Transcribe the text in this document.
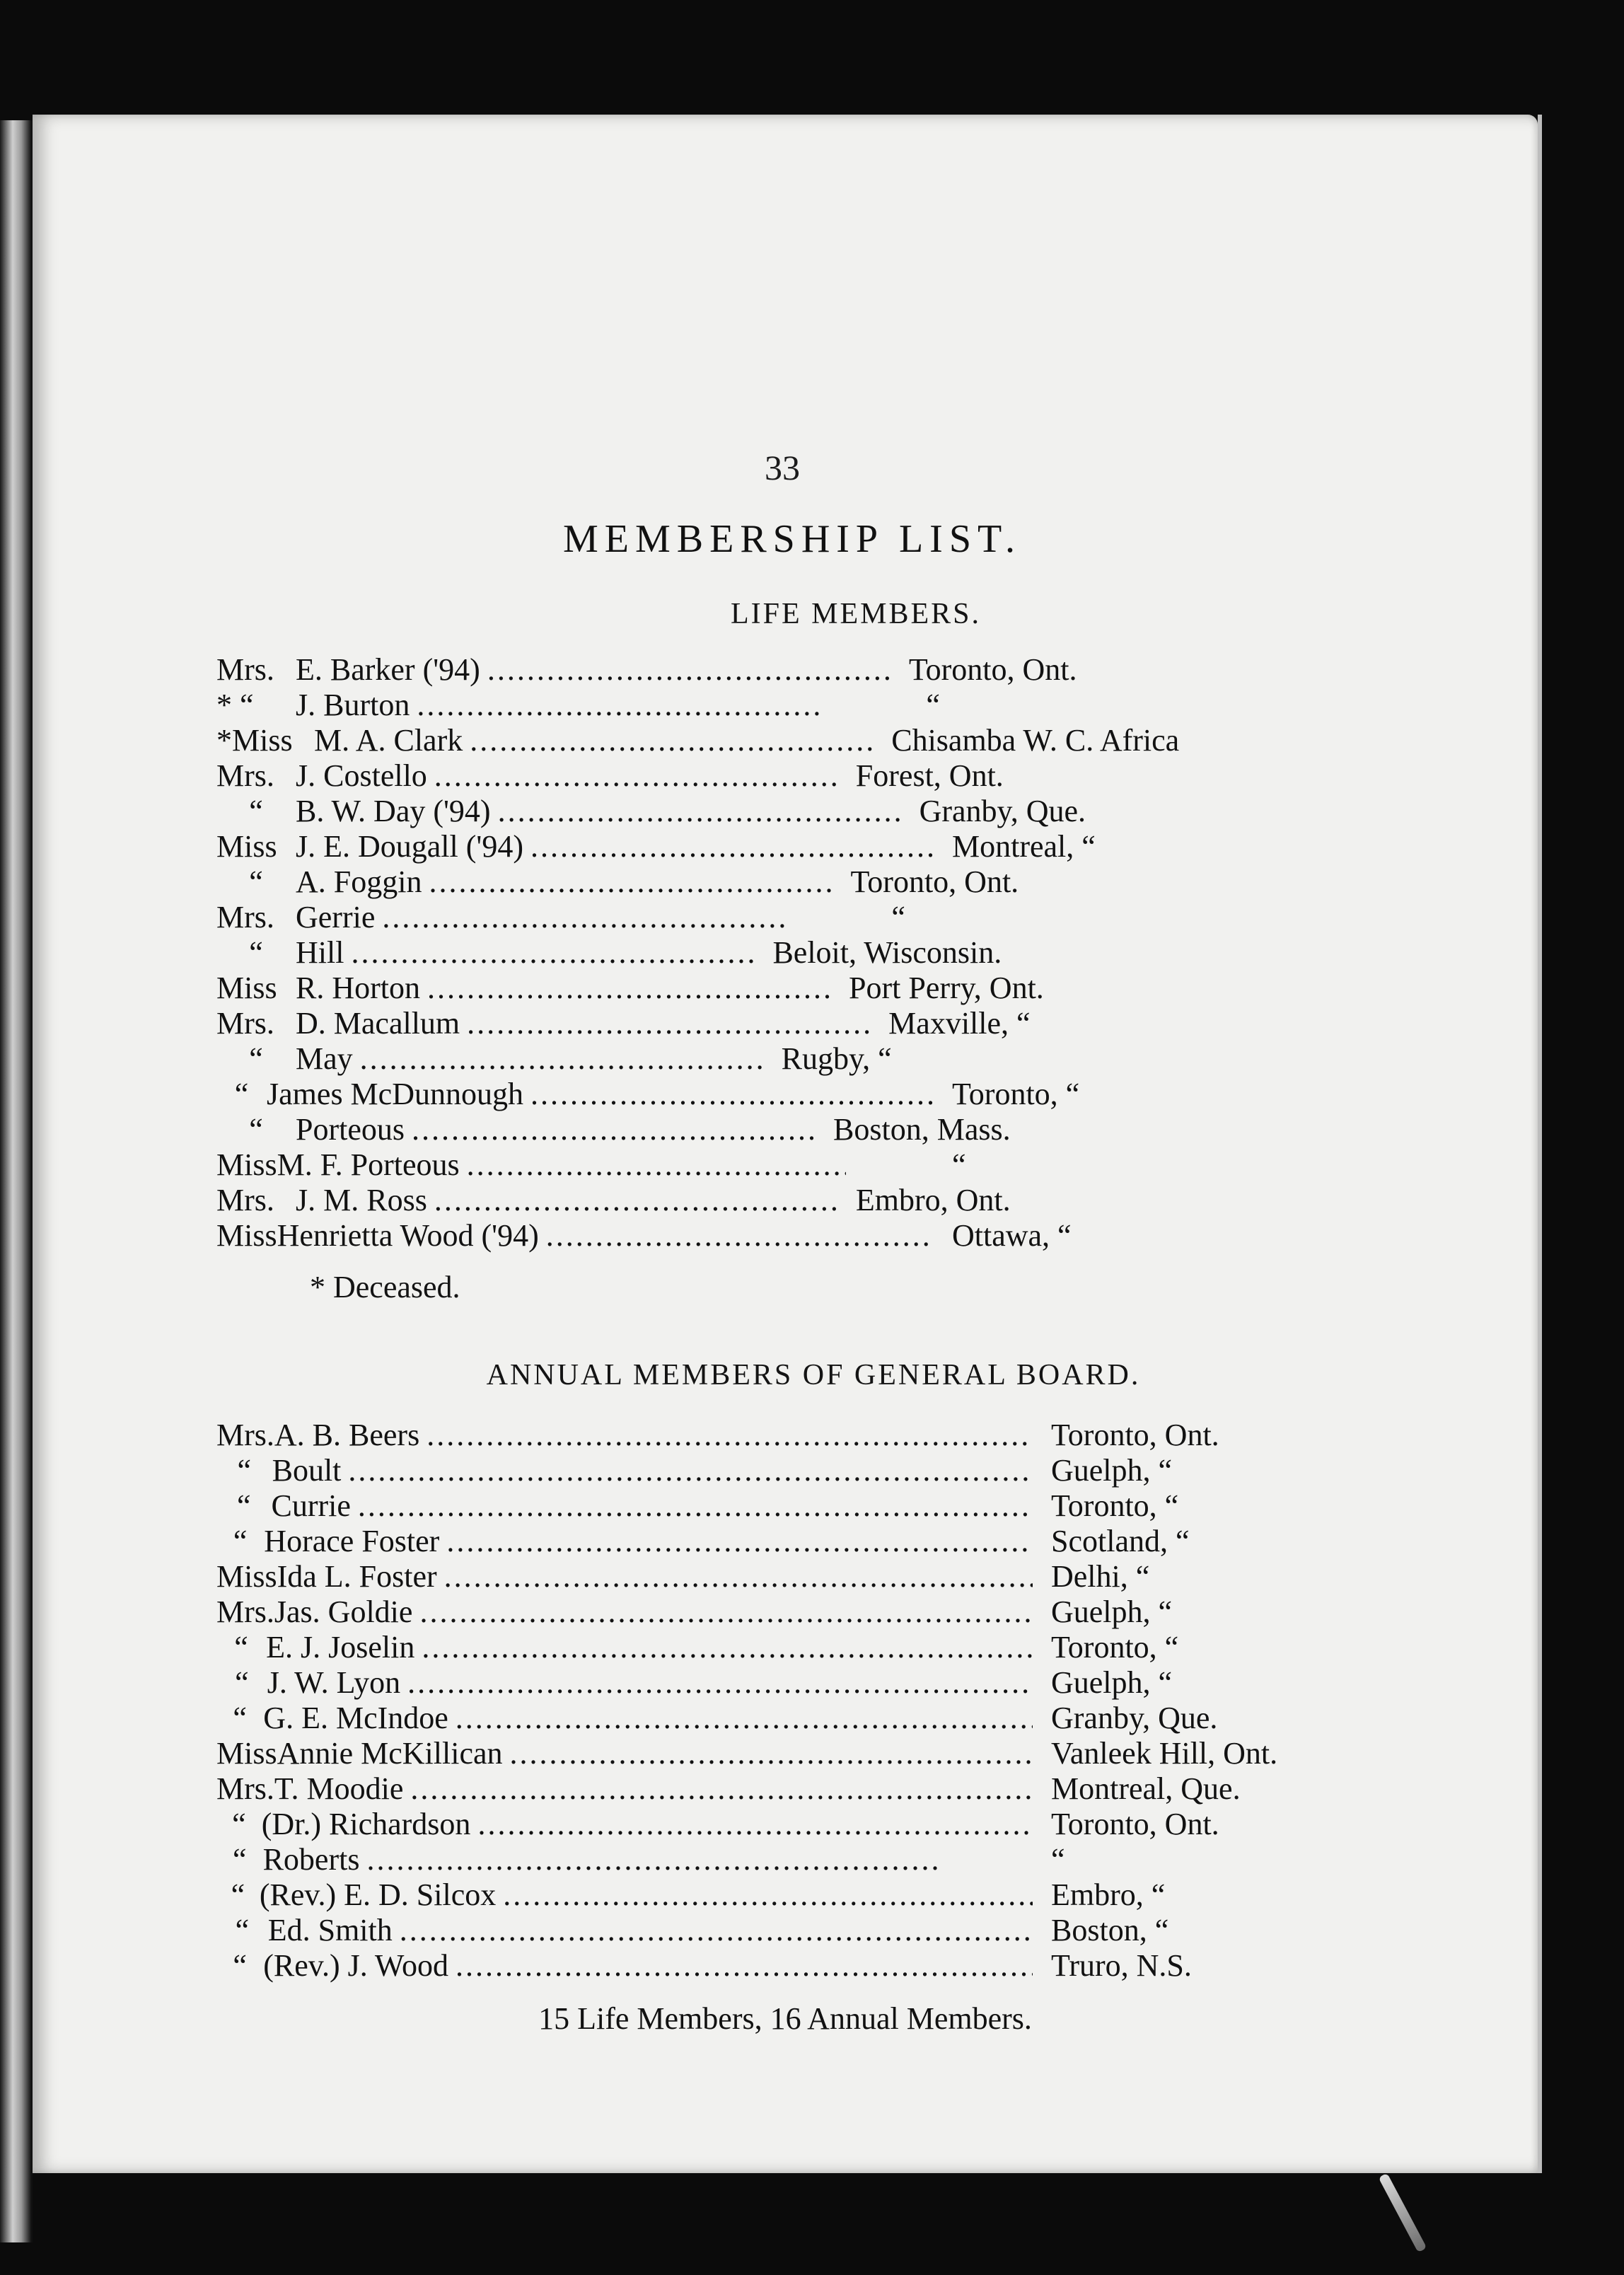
33
MEMBERSHIP LIST.
LIFE MEMBERS.
Mrs. E. Barker ('94) . . .	Toronto, Ont.
* “	J. Burton . . .	“
*Miss M. A. Clark . . .	Chisamba W. C. Africa
Mrs. J. Costello . . .	Forest, Ont.
“	B. W. Day ('94) . . .	Granby, Que.
Miss J. E. Dougall ('94) . . .	Montreal, “
“	A. Foggin . . .	Toronto, Ont.
Mrs. Gerrie . . .	“
“	Hill . . .	Beloit, Wisconsin.
Miss R. Horton . . .	Port Perry, Ont.
Mrs. D. Macallum . . .	Maxville, “
“	May . . .	Rugby, “
“ James McDunnough . . .	Toronto, “
“	Porteous . . .	Boston, Mass.
Miss M. F. Porteous . . .	“
Mrs. J. M. Ross . . .	Embro, Ont.
Miss Henrietta Wood ('94) . . .	Ottawa, “
* Deceased.
ANNUAL MEMBERS OF GENERAL BOARD.
Mrs. A. B. Beers . . .	Toronto, Ont.
“ Boult . . .	Guelph, “
“ Currie . . .	Toronto, “
“ Horace Foster . . .	Scotland, “
Miss Ida L. Foster . . .	Delhi, “
Mrs. Jas. Goldie . . .	Guelph, “
“ E. J. Joselin . . .	Toronto, “
“ J. W. Lyon . . .	Guelph, “
“ G. E. McIndoe . . .	Granby, Que.
Miss Annie McKillican . . .	Vanleek Hill, Ont.
Mrs. T. Moodie . . .	Montreal, Que.
“ (Dr.) Richardson . . .	Toronto, Ont.
“ Roberts . . .	“
“ (Rev.) E. D. Silcox . . .	Embro, “
“ Ed. Smith . . .	Boston, “
“ (Rev.) J. Wood . . .	Truro, N.S.
15 Life Members, 16 Annual Members.
